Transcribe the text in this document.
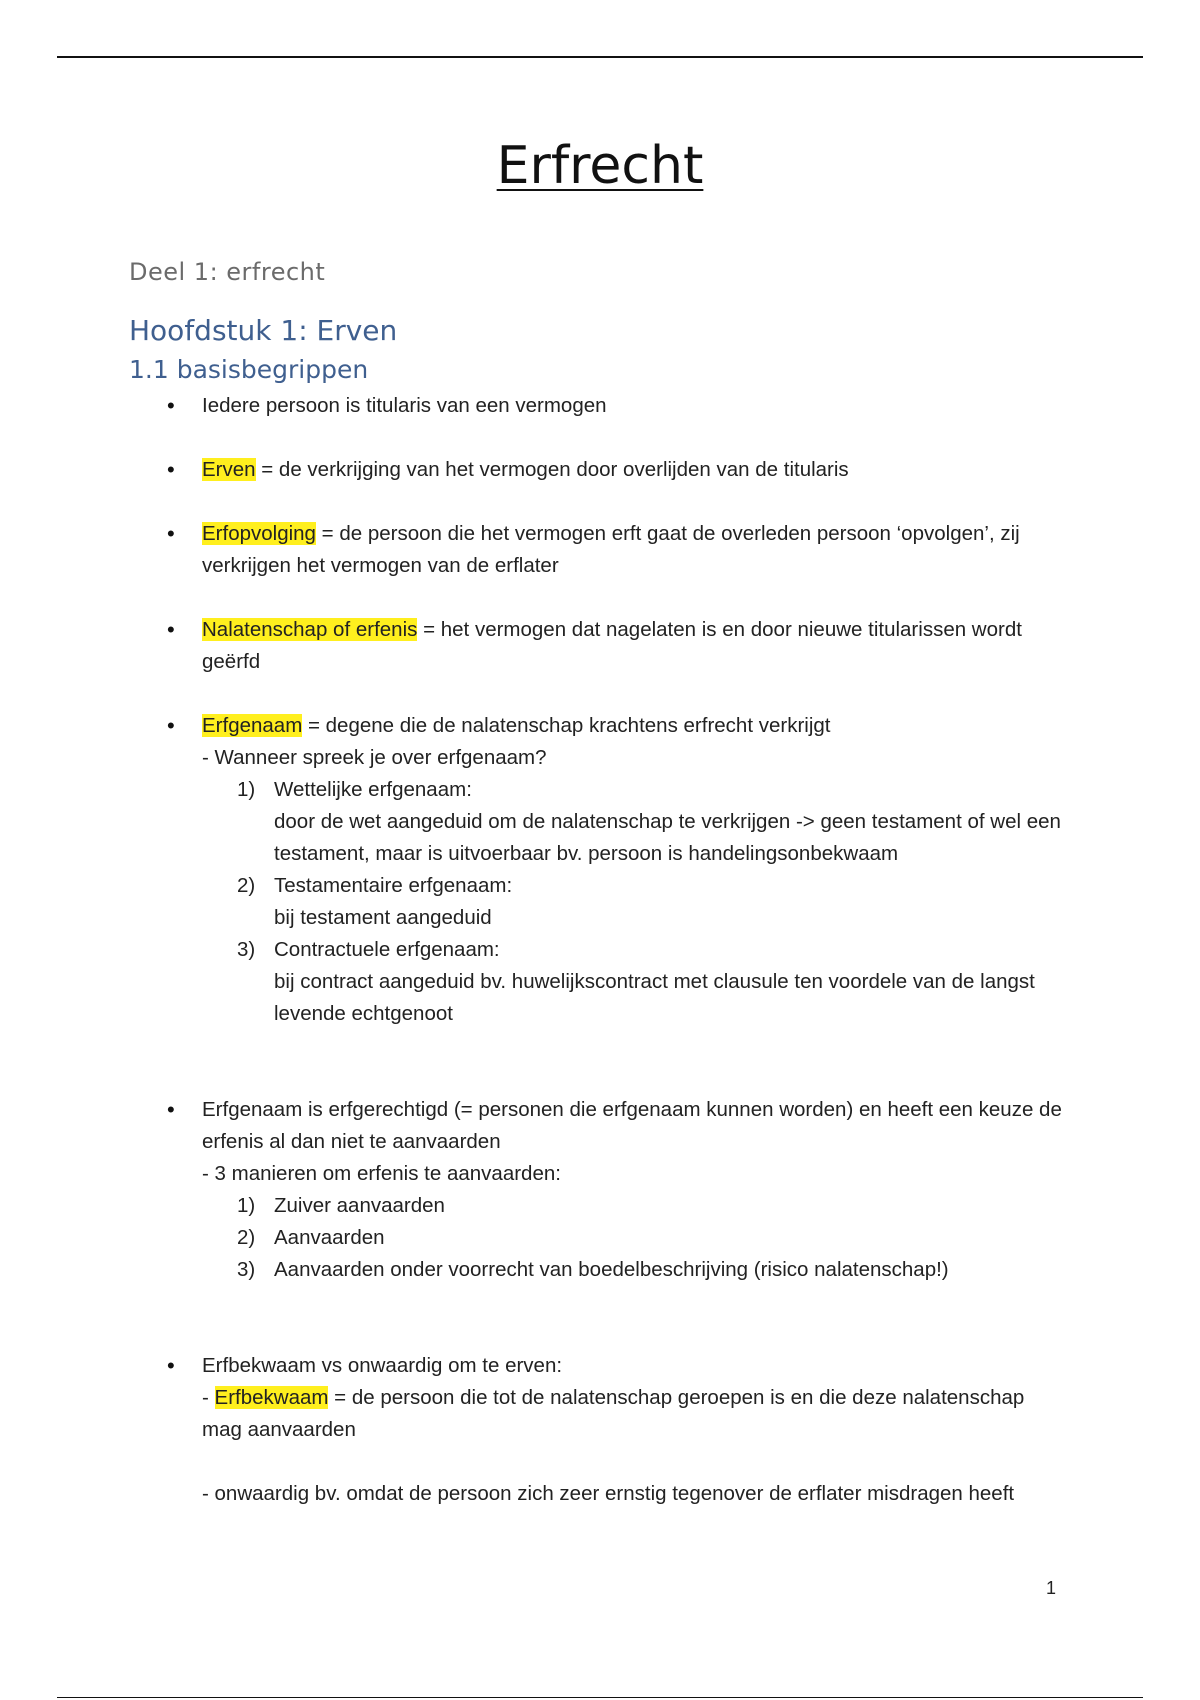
Erfrecht
Deel 1: erfrecht
Hoofdstuk 1: Erven
1.1 basisbegrippen
• Iedere persoon is titularis van een vermogen
• Erven = de verkrijging van het vermogen door overlijden van de titularis
• Erfopvolging = de persoon die het vermogen erft gaat de overleden persoon ‘opvolgen’, zij verkrijgen het vermogen van de erflater
• Nalatenschap of erfenis = het vermogen dat nagelaten is en door nieuwe titularissen wordt geërfd
• Erfgenaam = degene die de nalatenschap krachtens erfrecht verkrijgt
- Wanneer spreek je over erfgenaam?
1) Wettelijke erfgenaam:
door de wet aangeduid om de nalatenschap te verkrijgen -> geen testament of wel een testament, maar is uitvoerbaar bv. persoon is handelingsonbekwaam
2) Testamentaire erfgenaam:
bij testament aangeduid
3) Contractuele erfgenaam:
bij contract aangeduid bv. huwelijkscontract met clausule ten voordele van de langst levende echtgenoot
• Erfgenaam is erfgerechtigd (= personen die erfgenaam kunnen worden) en heeft een keuze de erfenis al dan niet te aanvaarden
- 3 manieren om erfenis te aanvaarden:
1) Zuiver aanvaarden
2) Aanvaarden
3) Aanvaarden onder voorrecht van boedelbeschrijving (risico nalatenschap!)
• Erfbekwaam vs onwaardig om te erven:
- Erfbekwaam = de persoon die tot de nalatenschap geroepen is en die deze nalatenschap mag aanvaarden
- onwaardig bv. omdat de persoon zich zeer ernstig tegenover de erflater misdragen heeft
1
